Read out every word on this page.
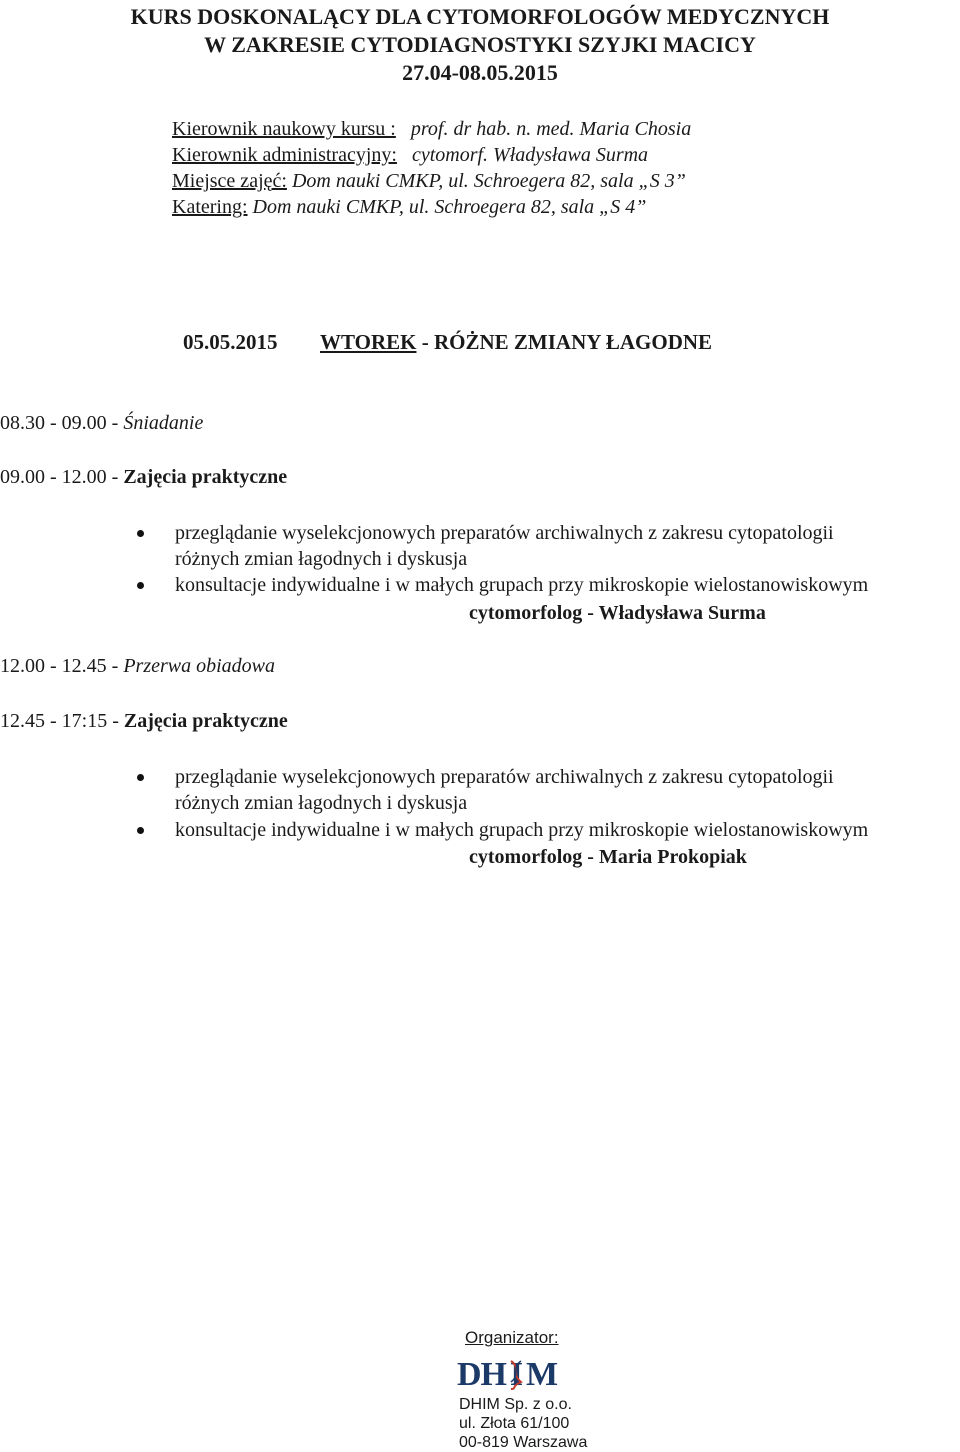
KURS DOSKONALĄCY DLA CYTOMORFOLOGÓW MEDYCZNYCH
W ZAKRESIE CYTODIAGNOSTYKI SZYJKI MACICY
27.04-08.05.2015
Kierownik naukowy kursu : prof. dr hab. n. med. Maria Chosia
Kierownik administracyjny: cytomorf. Władysława Surma
Miejsce zajęć: Dom nauki CMKP, ul. Schroegera 82, sala „S 3”
Katering: Dom nauki CMKP, ul. Schroegera 82, sala „S 4”
05.05.2015 WTOREK - RÓŻNE ZMIANY ŁAGODNE
08.30 - 09.00 - Śniadanie
09.00 - 12.00 - Zajęcia praktyczne
przeglądanie wyselekcjonowych preparatów archiwalnych z zakresu cytopatologii
różnych zmian łagodnych i dyskusja
konsultacje indywidualne i w małych grupach przy mikroskopie wielostanowiskowym
cytomorfolog - Władysława Surma
12.00 - 12.45 - Przerwa obiadowa
12.45 - 17:15 - Zajęcia praktyczne
przeglądanie wyselekcjonowych preparatów archiwalnych z zakresu cytopatologii
różnych zmian łagodnych i dyskusja
konsultacje indywidualne i w małych grupach przy mikroskopie wielostanowiskowym
cytomorfolog - Maria Prokopiak
Organizator:
DH I M
DHIM Sp. z o.o.
ul. Złota 61/100
00-819 Warszawa
